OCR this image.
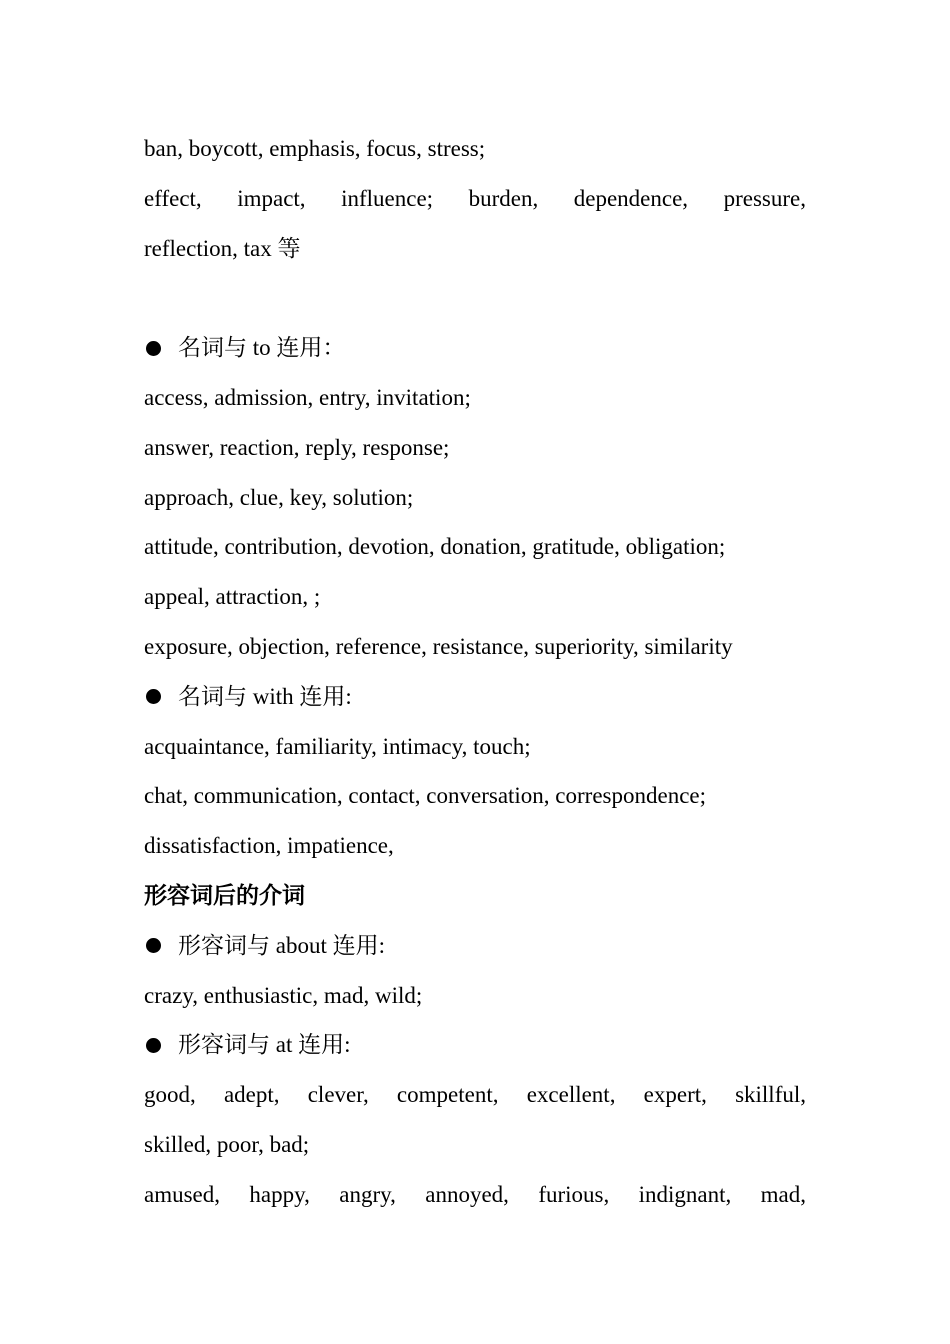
ban, boycott, emphasis, focus, stress;
effect, impact, influence; burden, dependence, pressure,
reflection, tax 等
名词与 to 连用：
access, admission, entry, invitation;
answer, reaction, reply, response;
approach, clue, key, solution;
attitude, contribution, devotion, donation, gratitude, obligation;
appeal, attraction, ;
exposure, objection, reference, resistance, superiority, similarity
名词与 with 连用:
acquaintance, familiarity, intimacy, touch;
chat, communication, contact, conversation, correspondence;
dissatisfaction, impatience,
形容词后的介词
形容词与 about 连用:
crazy, enthusiastic, mad, wild;
形容词与 at 连用:
good, adept, clever, competent, excellent, expert, skillful,
skilled, poor, bad;
amused, happy, angry, annoyed, furious, indignant, mad,
